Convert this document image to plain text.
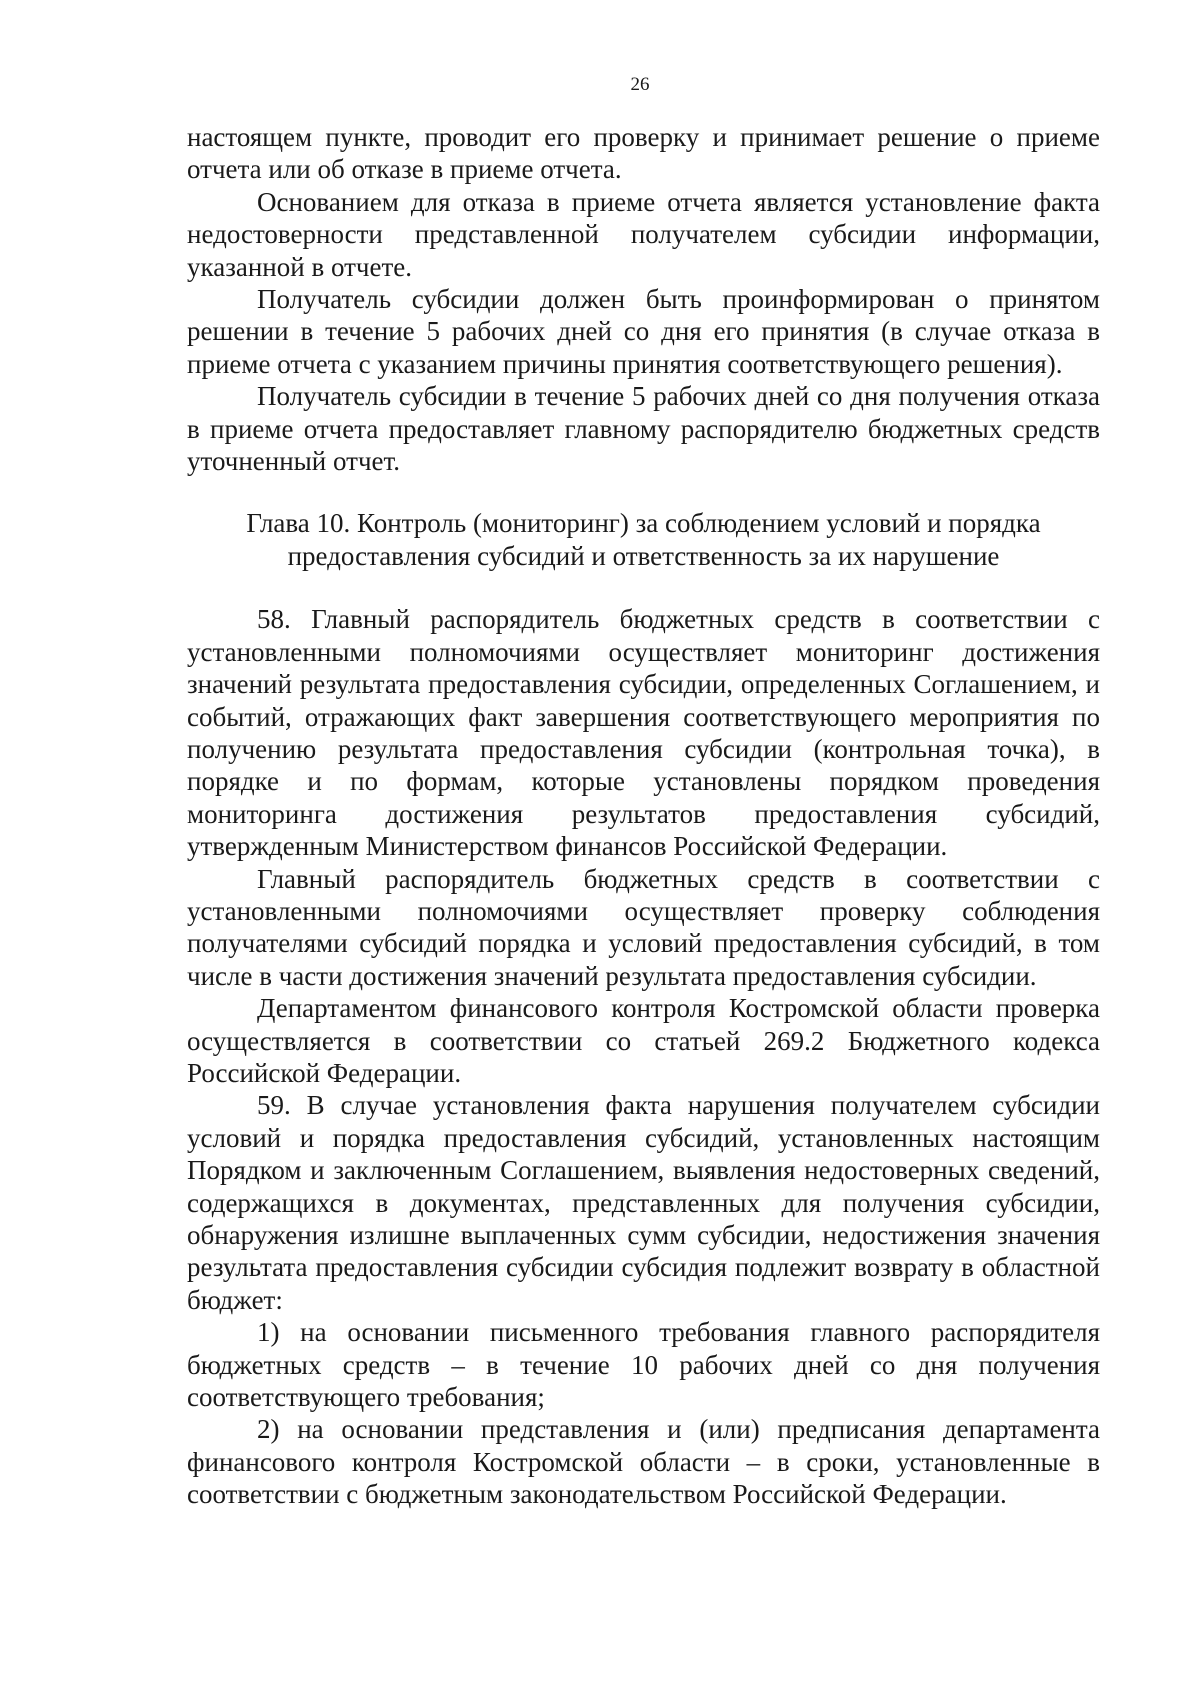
26

настоящем пункте, проводит его проверку и принимает решение о приеме отчета или об отказе в приеме отчета.

Основанием для отказа в приеме отчета является установление факта недостоверности представленной получателем субсидии информации, указанной в отчете.

Получатель субсидии должен быть проинформирован о принятом решении в течение 5 рабочих дней со дня его принятия (в случае отказа в приеме отчета с указанием причины принятия соответствующего решения).

Получатель субсидии в течение 5 рабочих дней со дня получения отказа в приеме отчета предоставляет главному распорядителю бюджетных средств уточненный отчет.

Глава 10. Контроль (мониторинг) за соблюдением условий и порядка
предоставления субсидий и ответственность за их нарушение

58. Главный распорядитель бюджетных средств в соответствии с установленными полномочиями осуществляет мониторинг достижения значений результата предоставления субсидии, определенных Соглашением, и событий, отражающих факт завершения соответствующего мероприятия по получению результата предоставления субсидии (контрольная точка), в порядке и по формам, которые установлены порядком проведения мониторинга достижения результатов предоставления субсидий, утвержденным Министерством финансов Российской Федерации.

Главный распорядитель бюджетных средств в соответствии с установленными полномочиями осуществляет проверку соблюдения получателями субсидий порядка и условий предоставления субсидий, в том числе в части достижения значений результата предоставления субсидии.

Департаментом финансового контроля Костромской области проверка осуществляется в соответствии со статьей 269.2 Бюджетного кодекса Российской Федерации.

59. В случае установления факта нарушения получателем субсидии условий и порядка предоставления субсидий, установленных настоящим Порядком и заключенным Соглашением, выявления недостоверных сведений, содержащихся в документах, представленных для получения субсидии, обнаружения излишне выплаченных сумм субсидии, недостижения значения результата предоставления субсидии субсидия подлежит возврату в областной бюджет:

1) на основании письменного требования главного распорядителя бюджетных средств – в течение 10 рабочих дней со дня получения соответствующего требования;

2) на основании представления и (или) предписания департамента финансового контроля Костромской области – в сроки, установленные в соответствии с бюджетным законодательством Российской Федерации.
